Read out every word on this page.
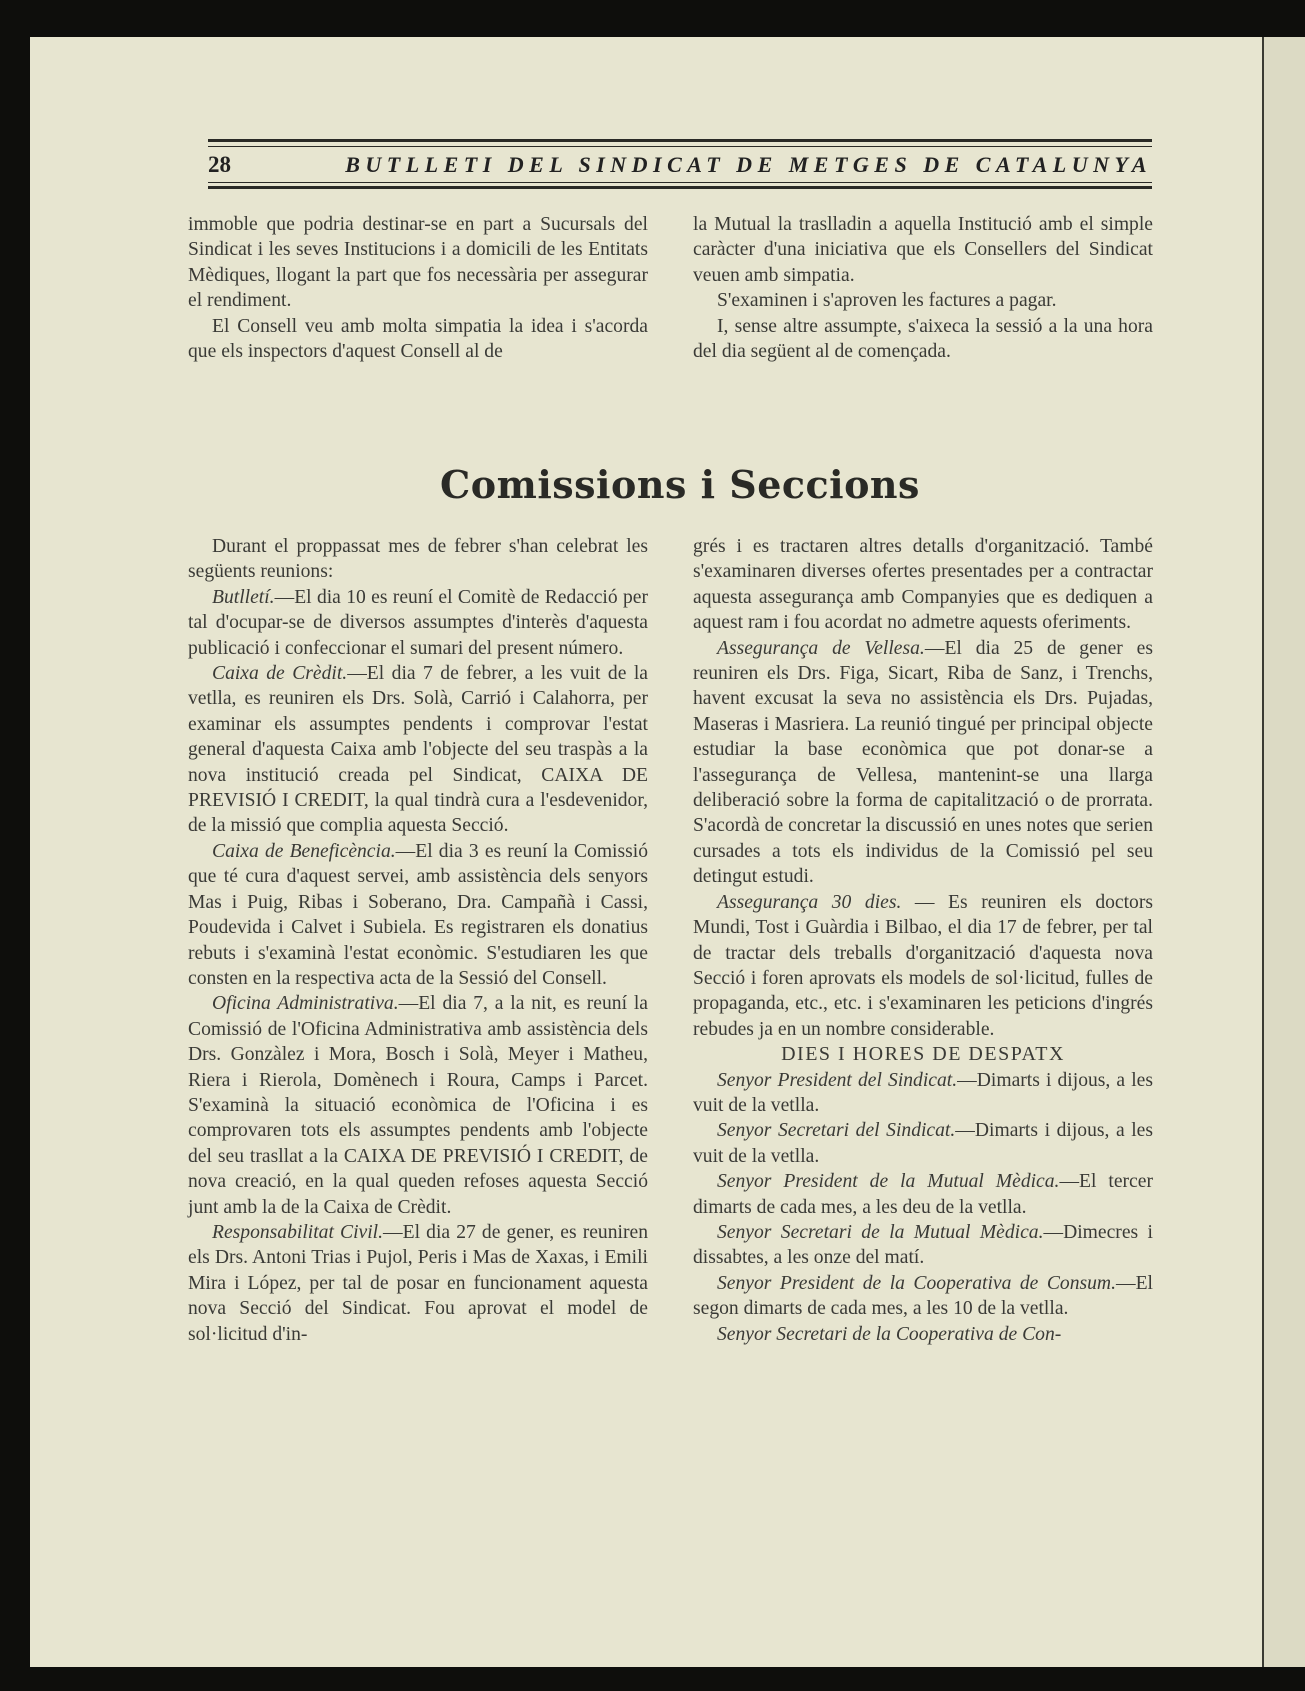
28	BUTLLETI DEL SINDICAT DE METGES DE CATALUNYA

immoble que podria destinar-se en part a Sucursals del Sindicat i les seves Institucions i a domicili de les Entitats Mèdiques, llogant la part que fos necessària per assegurar el rendiment.

El Consell veu amb molta simpatia la idea i s'acorda que els inspectors d'aquest Consell al de

la Mutual la traslladin a aquella Institució amb el simple caràcter d'una iniciativa que els Consellers del Sindicat veuen amb simpatia.

S'examinen i s'aproven les factures a pagar.

I, sense altre assumpte, s'aixeca la sessió a la una hora del dia següent al de començada.

Comissions i Seccions

Durant el proppassat mes de febrer s'han celebrat les següents reunions:

Butlletí.—El dia 10 es reuní el Comitè de Redacció per tal d'ocupar-se de diversos assumptes d'interès d'aquesta publicació i confeccionar el sumari del present número.

Caixa de Crèdit.—El dia 7 de febrer, a les vuit de la vetlla, es reuniren els Drs. Solà, Carrió i Calahorra, per examinar els assumptes pendents i comprovar l'estat general d'aquesta Caixa amb l'objecte del seu traspàs a la nova institució creada pel Sindicat, CAIXA DE PREVISIÓ I CREDIT, la qual tindrà cura a l'esdevenidor, de la missió que complia aquesta Secció.

Caixa de Beneficència.—El dia 3 es reuní la Comissió que té cura d'aquest servei, amb assistència dels senyors Mas i Puig, Ribas i Soberano, Dra. Campañà i Cassi, Poudevida i Calvet i Subiela. Es registraren els donatius rebuts i s'examinà l'estat econòmic. S'estudiaren les que consten en la respectiva acta de la Sessió del Consell.

Oficina Administrativa.—El dia 7, a la nit, es reuní la Comissió de l'Oficina Administrativa amb assistència dels Drs. Gonzàlez i Mora, Bosch i Solà, Meyer i Matheu, Riera i Rierola, Domènech i Roura, Camps i Parcet. S'examinà la situació econòmica de l'Oficina i es comprovaren tots els assumptes pendents amb l'objecte del seu trasllat a la CAIXA DE PREVISIÓ I CREDIT, de nova creació, en la qual queden refoses aquesta Secció junt amb la de la Caixa de Crèdit.

Responsabilitat Civil.—El dia 27 de gener, es reuniren els Drs. Antoni Trias i Pujol, Peris i Mas de Xaxas, i Emili Mira i López, per tal de posar en funcionament aquesta nova Secció del Sindicat. Fou aprovat el model de sol·licitud d'in-

grés i es tractaren altres detalls d'organització. També s'examinaren diverses ofertes presentades per a contractar aquesta assegurança amb Companyies que es dediquen a aquest ram i fou acordat no admetre aquests oferiments.

Assegurança de Vellesa.—El dia 25 de gener es reuniren els Drs. Figa, Sicart, Riba de Sanz, i Trenchs, havent excusat la seva no assistència els Drs. Pujadas, Maseras i Masriera. La reunió tingué per principal objecte estudiar la base econòmica que pot donar-se a l'assegurança de Vellesa, mantenint-se una llarga deliberació sobre la forma de capitalització o de prorrata. S'acordà de concretar la discussió en unes notes que serien cursades a tots els individus de la Comissió pel seu detingut estudi.

Assegurança 30 dies. — Es reuniren els doctors Mundi, Tost i Guàrdia i Bilbao, el dia 17 de febrer, per tal de tractar dels treballs d'organització d'aquesta nova Secció i foren aprovats els models de sol·licitud, fulles de propaganda, etc., etc. i s'examinaren les peticions d'ingrés rebudes ja en un nombre considerable.

DIES I HORES DE DESPATX

Senyor President del Sindicat.—Dimarts i dijous, a les vuit de la vetlla.

Senyor Secretari del Sindicat.—Dimarts i dijous, a les vuit de la vetlla.

Senyor President de la Mutual Mèdica.—El tercer dimarts de cada mes, a les deu de la vetlla.

Senyor Secretari de la Mutual Mèdica.—Dimecres i dissabtes, a les onze del matí.

Senyor President de la Cooperativa de Consum.—El segon dimarts de cada mes, a les 10 de la vetlla.

Senyor Secretari de la Cooperativa de Con-
